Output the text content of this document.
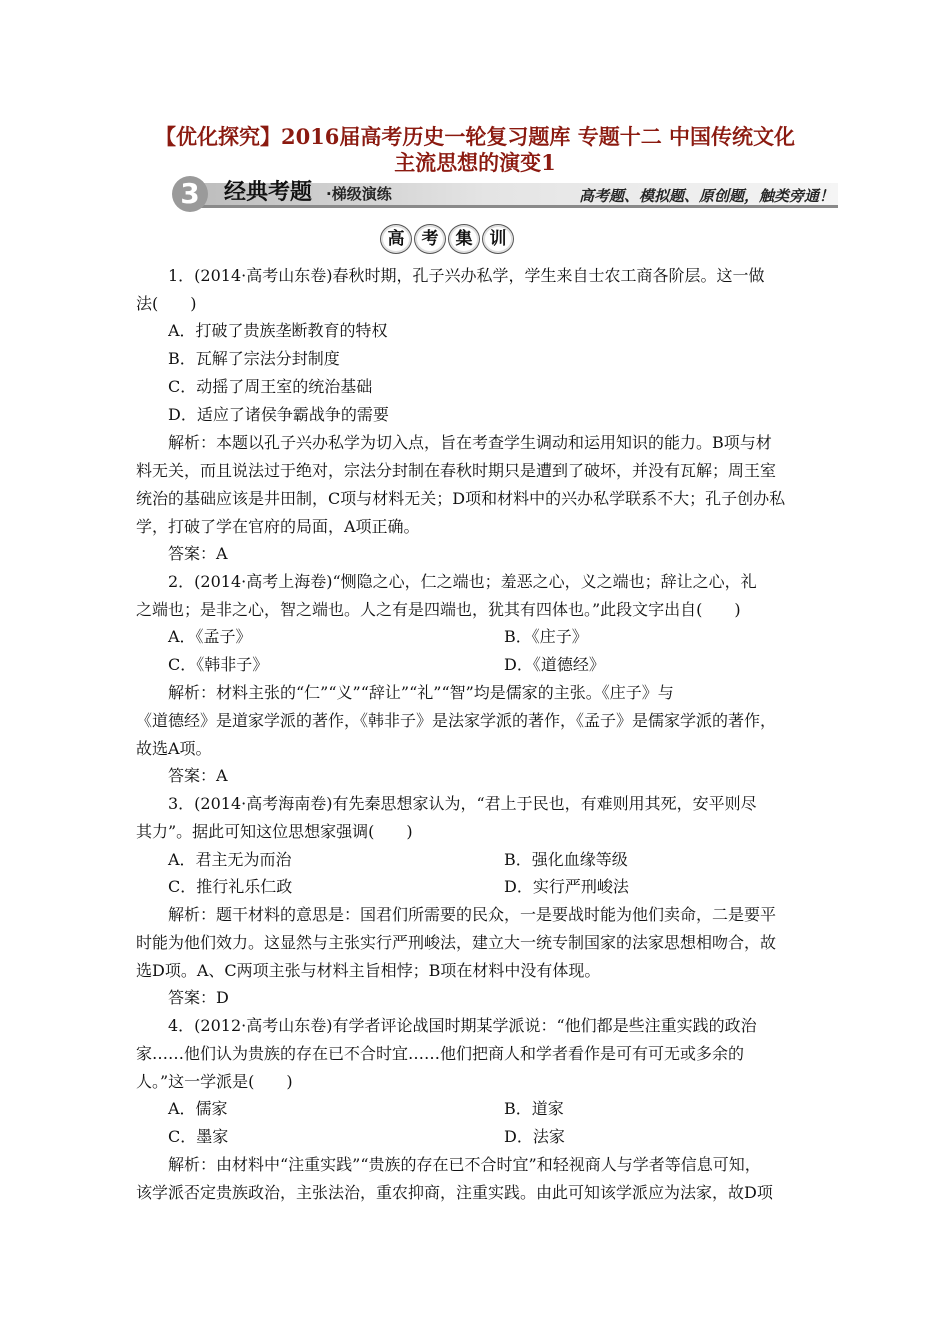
【优化探究】2016届高考历史一轮复习题库 专题十二 中国传统文化
主流思想的演变1
3	经典考题 ·梯级演练	高考题、模拟题、原创题，触类旁通！
高	考	集	训
1．(2014·高考山东卷)春秋时期，孔子兴办私学，学生来自士农工商各阶层。这一做
法(　　)
A．打破了贵族垄断教育的特权
B．瓦解了宗法分封制度
C．动摇了周王室的统治基础
D．适应了诸侯争霸战争的需要
解析：本题以孔子兴办私学为切入点，旨在考查学生调动和运用知识的能力。B项与材
料无关，而且说法过于绝对，宗法分封制在春秋时期只是遭到了破坏，并没有瓦解；周王室
统治的基础应该是井田制，C项与材料无关；D项和材料中的兴办私学联系不大；孔子创办私
学，打破了学在官府的局面，A项正确。
答案：A
2．(2014·高考上海卷)“恻隐之心，仁之端也；羞恶之心，义之端也；辞让之心，礼
之端也；是非之心，智之端也。人之有是四端也，犹其有四体也。”此段文字出自(　　)
A．《孟子》	B．《庄子》
C．《韩非子》	D．《道德经》
解析：材料主张的“仁”“义”“辞让”“礼”“智”均是儒家的主张。《庄子》与
《道德经》是道家学派的著作，《韩非子》是法家学派的著作，《孟子》是儒家学派的著作，
故选A项。
答案：A
3．(2014·高考海南卷)有先秦思想家认为，“君上于民也，有难则用其死，安平则尽
其力”。据此可知这位思想家强调(　　)
A．君主无为而治	B．强化血缘等级
C．推行礼乐仁政	D．实行严刑峻法
解析：题干材料的意思是：国君们所需要的民众，一是要战时能为他们卖命，二是要平
时能为他们效力。这显然与主张实行严刑峻法，建立大一统专制国家的法家思想相吻合，故
选D项。A、C两项主张与材料主旨相悖；B项在材料中没有体现。
答案：D
4．(2012·高考山东卷)有学者评论战国时期某学派说：“他们都是些注重实践的政治
家……他们认为贵族的存在已不合时宜……他们把商人和学者看作是可有可无或多余的
人。”这一学派是(　　)
A．儒家	B．道家
C．墨家	D．法家
解析：由材料中“注重实践”“贵族的存在已不合时宜”和轻视商人与学者等信息可知，
该学派否定贵族政治，主张法治，重农抑商，注重实践。由此可知该学派应为法家，故D项
